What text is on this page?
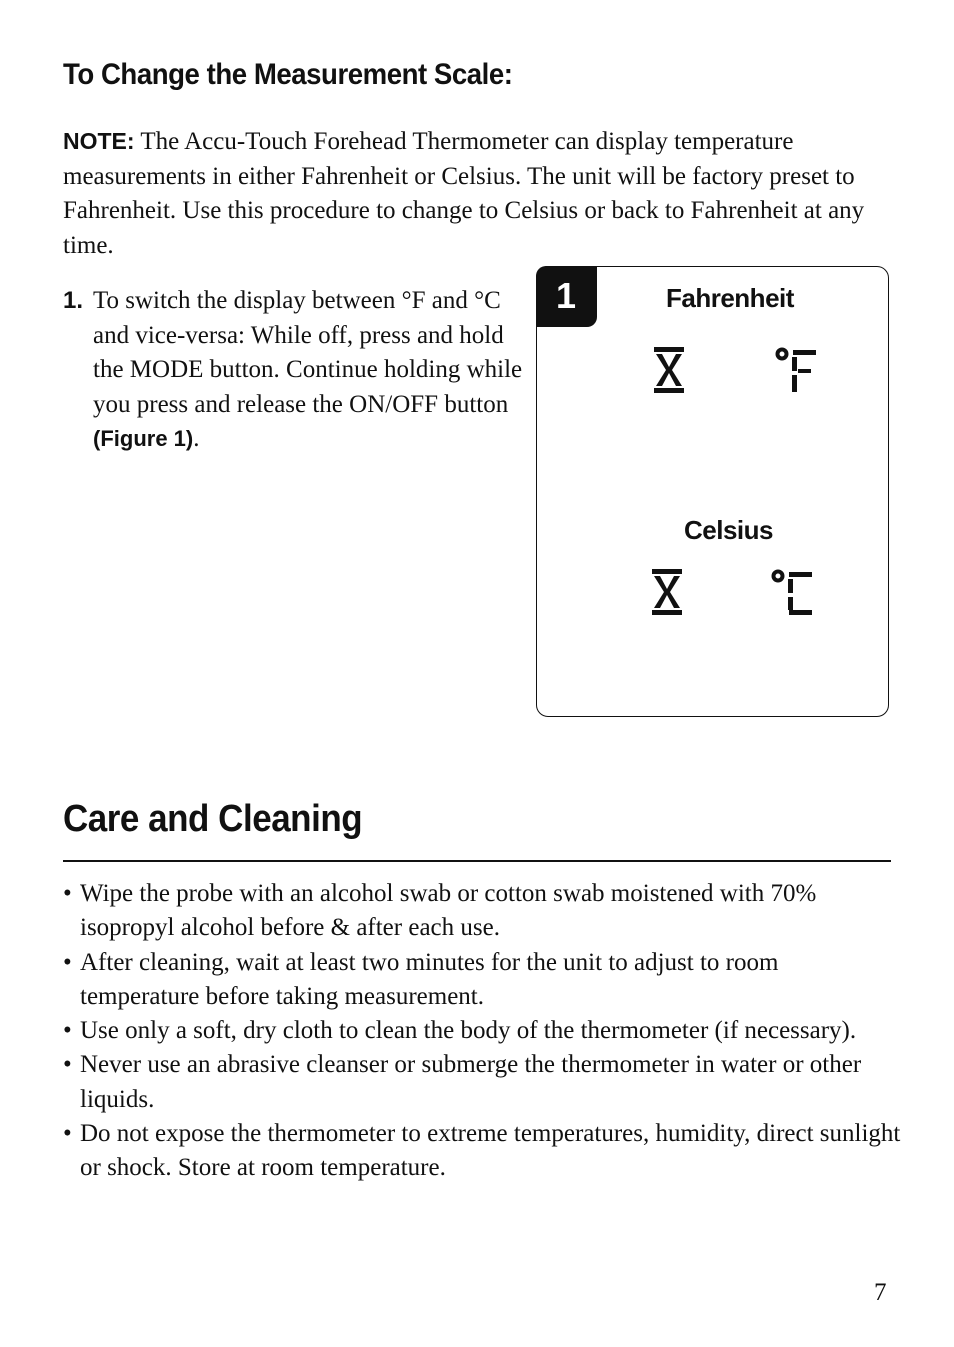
To Change the Measurement Scale:

NOTE: The Accu-Touch Forehead Thermometer can display temperature measurements in either Fahrenheit or Celsius. The unit will be factory preset to Fahrenheit. Use this procedure to change to Celsius or back to Fahrenheit at any time.

1. To switch the display between °F and °C and vice-versa: While off, press and hold the MODE button. Continue holding while you press and release the ON/OFF button (Figure 1).
1	Fahrenheit
Celsius
Care and Cleaning
• Wipe the probe with an alcohol swab or cotton swab moistened with 70% isopropyl alcohol before & after each use.
• After cleaning, wait at least two minutes for the unit to adjust to room temperature before taking measurement.
• Use only a soft, dry cloth to clean the body of the thermometer (if necessary).
• Never use an abrasive cleanser or submerge the thermometer in water or other liquids.
• Do not expose the thermometer to extreme temperatures, humidity, direct sunlight or shock. Store at room temperature.
7
